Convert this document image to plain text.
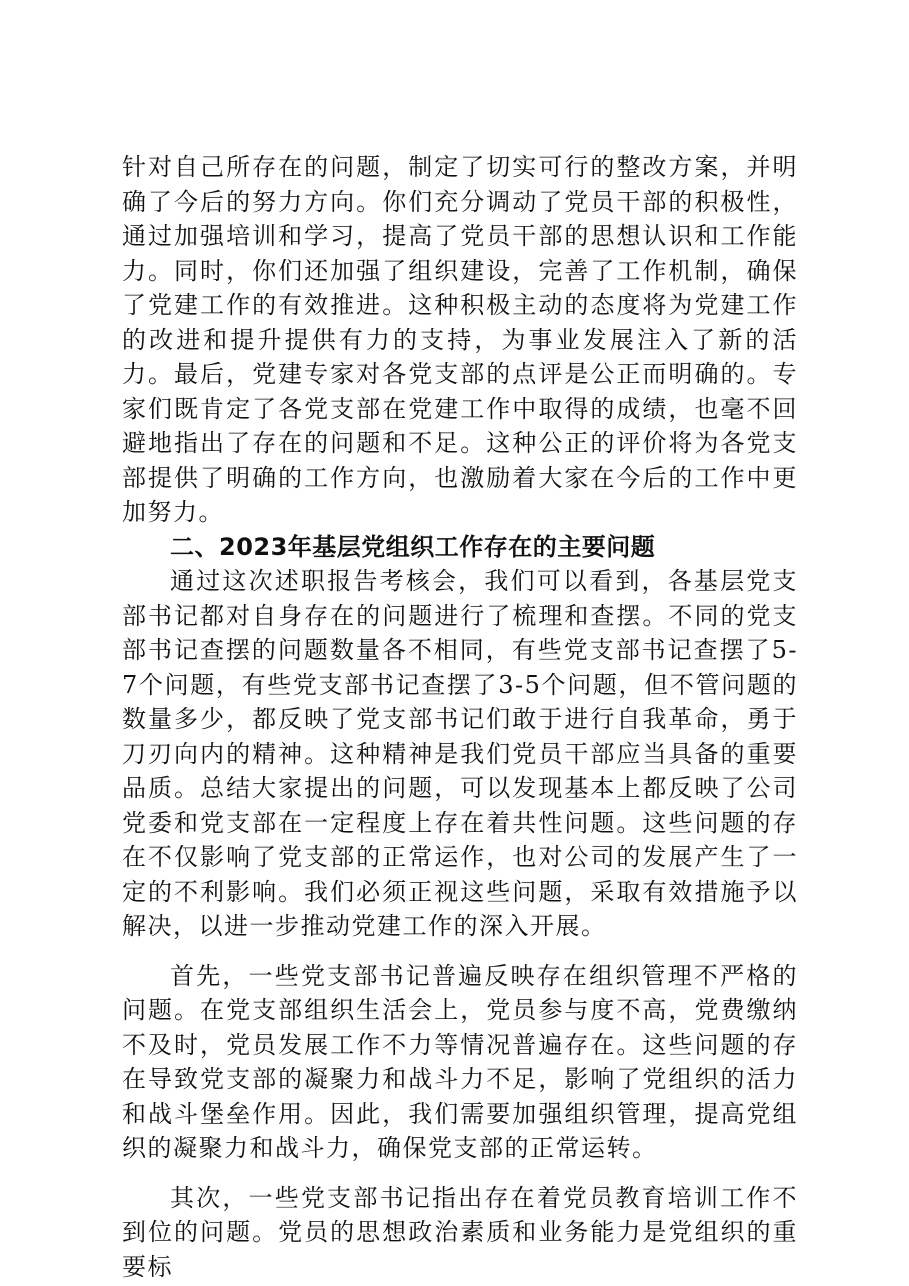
针对自己所存在的问题，制定了切实可行的整改方案，并明确了今后的努力方向。你们充分调动了党员干部的积极性，通过加强培训和学习，提高了党员干部的思想认识和工作能力。同时，你们还加强了组织建设，完善了工作机制，确保了党建工作的有效推进。这种积极主动的态度将为党建工作的改进和提升提供有力的支持，为事业发展注入了新的活力。最后，党建专家对各党支部的点评是公正而明确的。专家们既肯定了各党支部在党建工作中取得的成绩，也毫不回避地指出了存在的问题和不足。这种公正的评价将为各党支部提供了明确的工作方向，也激励着大家在今后的工作中更加努力。

二、2023年基层党组织工作存在的主要问题

通过这次述职报告考核会，我们可以看到，各基层党支部书记都对自身存在的问题进行了梳理和查摆。不同的党支部书记查摆的问题数量各不相同，有些党支部书记查摆了5-7个问题，有些党支部书记查摆了3-5个问题，但不管问题的数量多少，都反映了党支部书记们敢于进行自我革命，勇于刀刃向内的精神。这种精神是我们党员干部应当具备的重要品质。总结大家提出的问题，可以发现基本上都反映了公司党委和党支部在一定程度上存在着共性问题。这些问题的存在不仅影响了党支部的正常运作，也对公司的发展产生了一定的不利影响。我们必须正视这些问题，采取有效措施予以解决，以进一步推动党建工作的深入开展。

首先，一些党支部书记普遍反映存在组织管理不严格的问题。在党支部组织生活会上，党员参与度不高，党费缴纳不及时，党员发展工作不力等情况普遍存在。这些问题的存在导致党支部的凝聚力和战斗力不足，影响了党组织的活力和战斗堡垒作用。因此，我们需要加强组织管理，提高党组织的凝聚力和战斗力，确保党支部的正常运转。

其次，一些党支部书记指出存在着党员教育培训工作不到位的问题。党员的思想政治素质和业务能力是党组织的重要标
